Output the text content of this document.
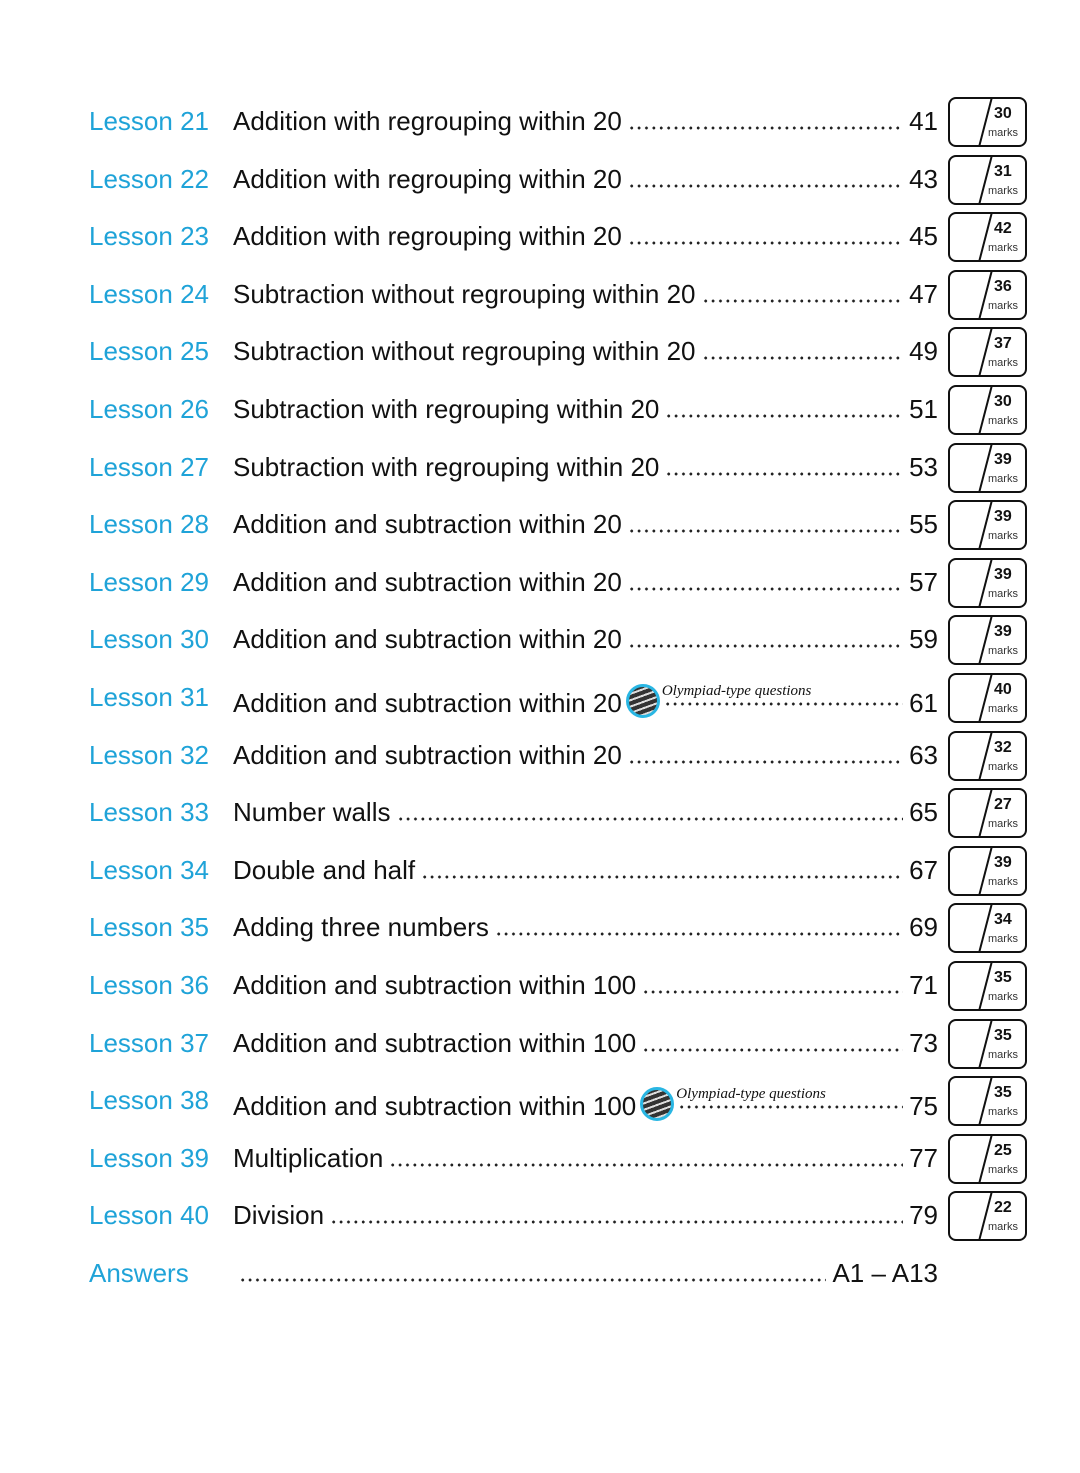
Lesson 21 Addition with regrouping within 20	41	30
marks
Lesson 22 Addition with regrouping within 20	43	31
marks
Lesson 23 Addition with regrouping within 20	45	42
marks
Lesson 24 Subtraction without regrouping within 20	47	36
marks
Lesson 25 Subtraction without regrouping within 20	49	37
marks
Lesson 26 Subtraction with regrouping within 20	51	30
marks
Lesson 27 Subtraction with regrouping within 20	53	39
marks
Lesson 28 Addition and subtraction within 20	55	39
marks
Lesson 29 Addition and subtraction within 20	57	39
marks
Lesson 30 Addition and subtraction within 20	59	39
marks
Lesson 31 Addition and subtraction within 20	Olympiad-type questions	61	40
marks
Lesson 32 Addition and subtraction within 20	63	32
marks
Lesson 33 Number walls	65	27
marks
Lesson 34 Double and half	67	39
marks
Lesson 35 Adding three numbers	69	34
marks
Lesson 36 Addition and subtraction within 100	71	35
marks
Lesson 37 Addition and subtraction within 100	73	35
marks
Lesson 38 Addition and subtraction within 100	Olympiad-type questions	75	35
marks
Lesson 39 Multiplication	77	25
marks
Lesson 40 Division	79	22
marks
Answers	A1 – A13
